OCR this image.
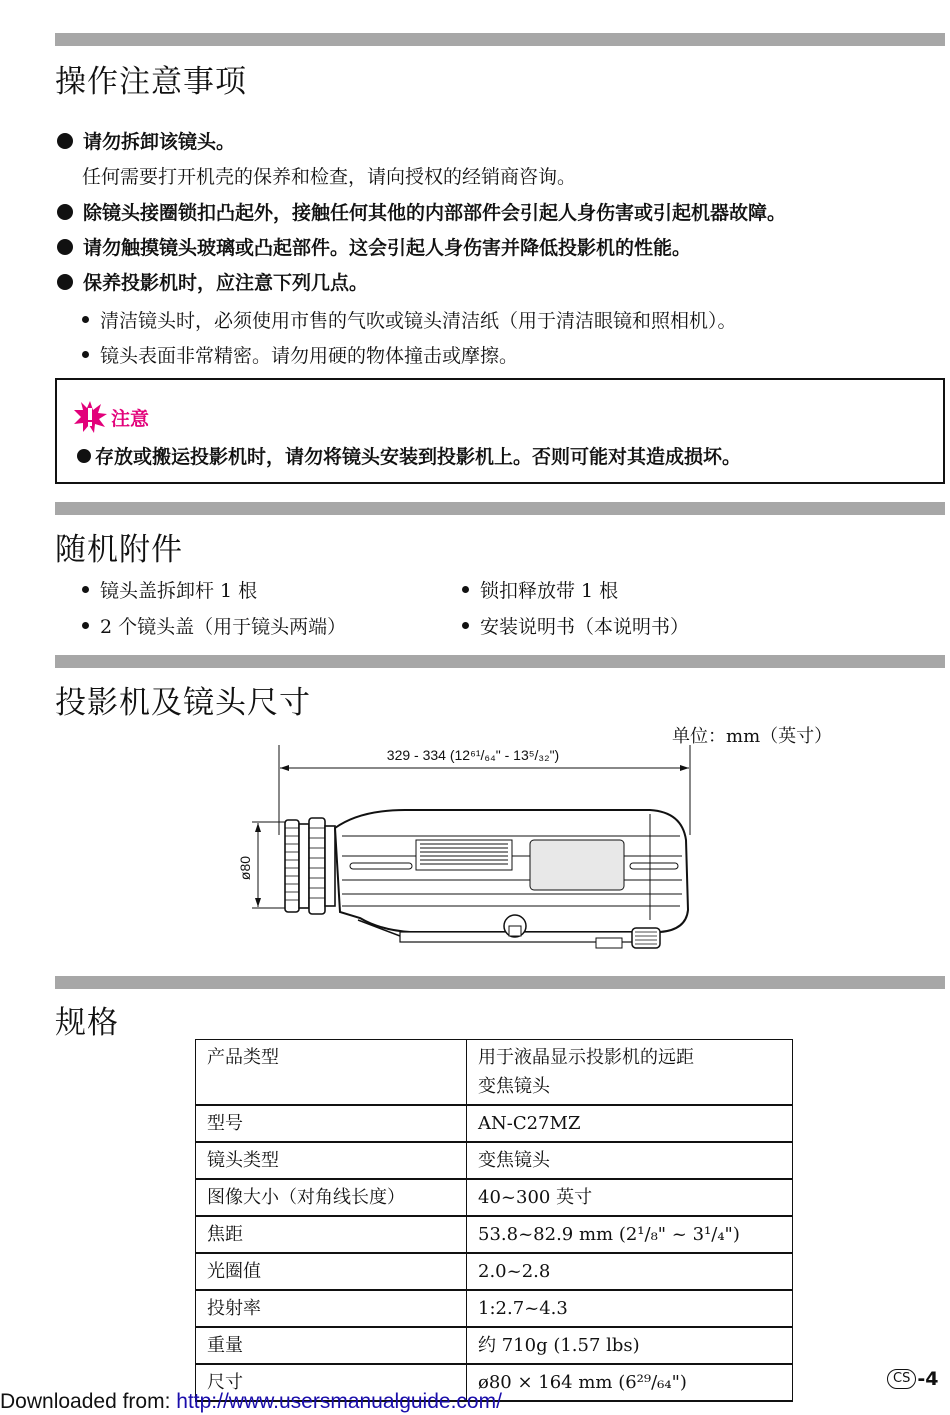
操作注意事项
请勿拆卸该镜头。
任何需要打开机壳的保养和检查，请向授权的经销商咨询。
除镜头接圈锁扣凸起外，接触任何其他的内部部件会引起人身伤害或引起机器故障。
请勿触摸镜头玻璃或凸起部件。这会引起人身伤害并降低投影机的性能。
保养投影机时，应注意下列几点。
清洁镜头时，必须使用市售的气吹或镜头清洁纸（用于清洁眼镜和照相机）。
镜头表面非常精密。请勿用硬的物体撞击或摩擦。
注意
存放或搬运投影机时，请勿将镜头安装到投影机上。否则可能对其造成损坏。
随机附件
镜头盖拆卸杆 1 根	锁扣释放带 1 根
2 个镜头盖（用于镜头两端）	安装说明书（本说明书）
投影机及镜头尺寸
单位：mm（英寸）
329 - 334 (12⁶¹/₆₄" - 13⁵/₃₂")
ø80
规格
产品类型	用于液晶显示投影机的远距
变焦镜头

型号	AN-C27MZ
镜头类型	变焦镜头
图像大小（对角线长度）	40~300 英寸
焦距	53.8~82.9 mm (2¹/₈" ~ 3¹/₄")
光圈值	2.0~2.8
投射率	1:2.7~4.3
重量	约 710g (1.57 lbs)
尺寸	ø80 × 164 mm (6²⁹/₆₄")	CS -4
Downloaded from: http://www.usersmanualguide.com/
